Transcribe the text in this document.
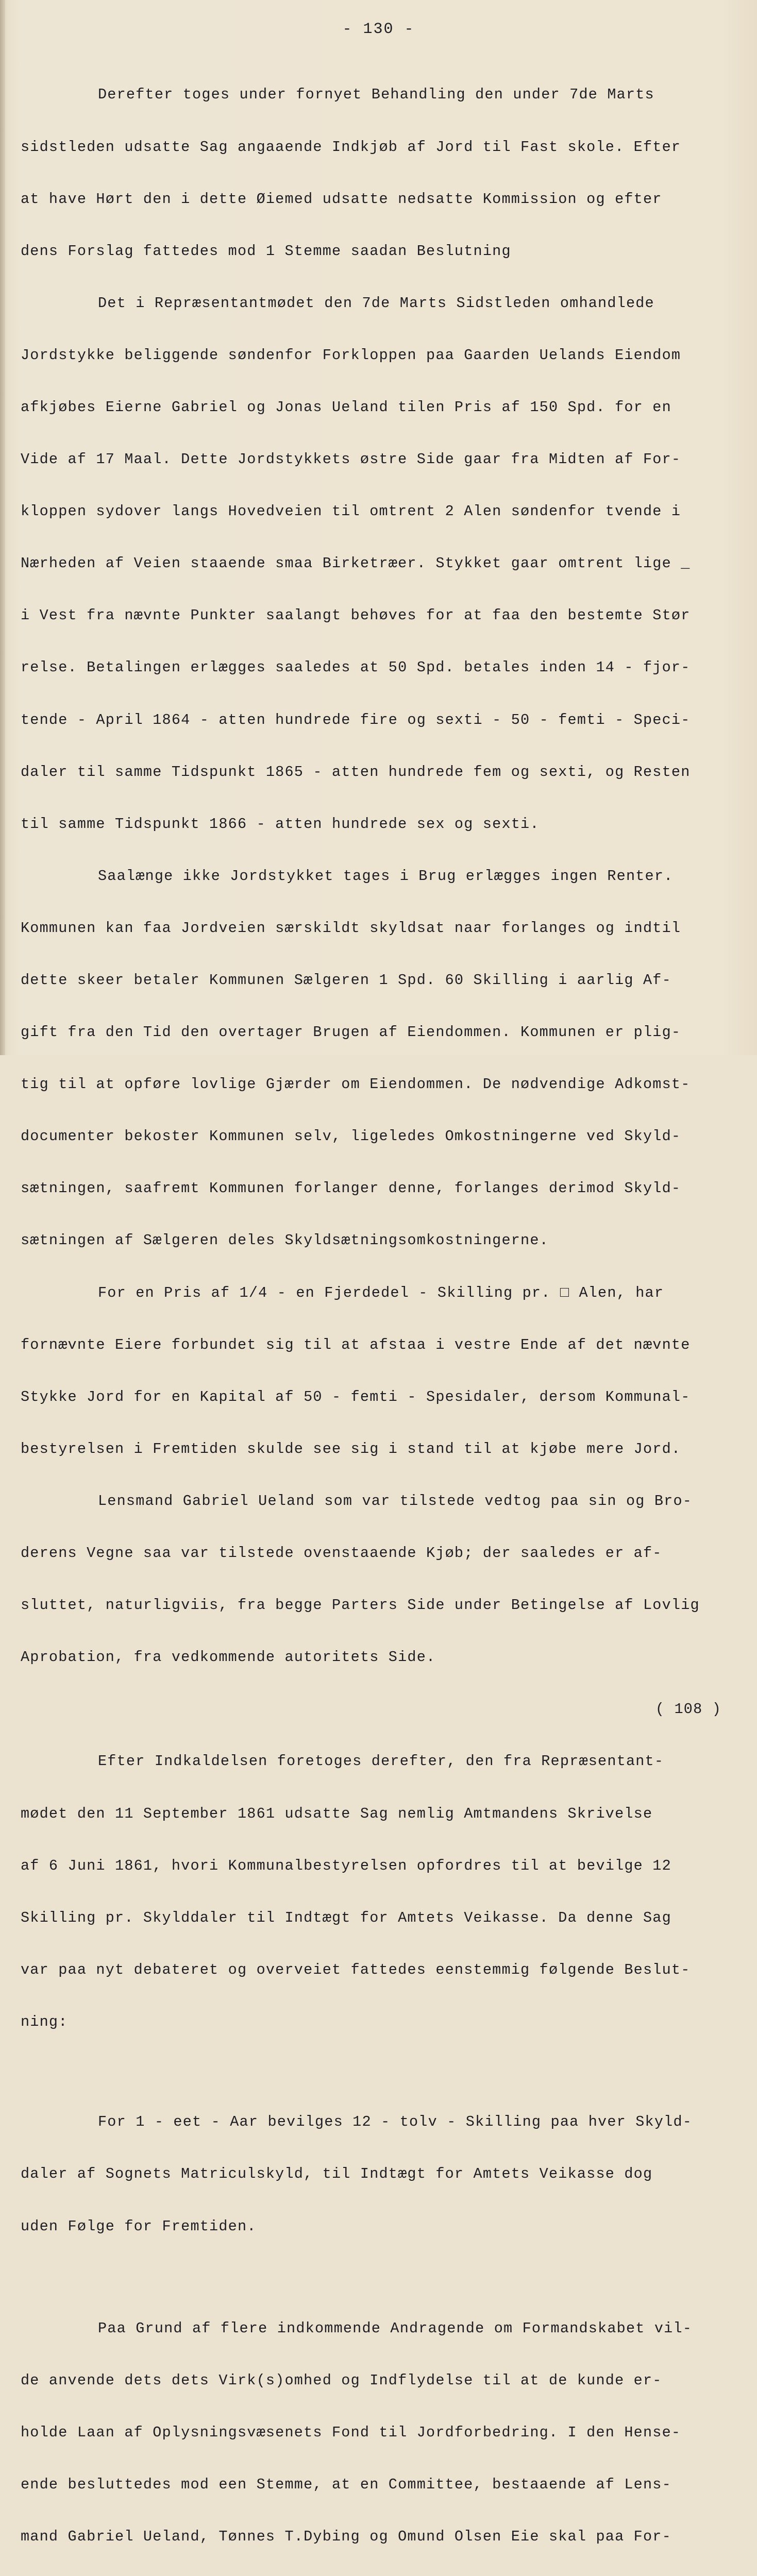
- 130 -

Derefter toges under fornyet Behandling den under 7de Marts

sidstleden udsatte Sag angaaende Indkjøb af Jord til Fast skole. Efter

at have Hørt den i dette Øiemed udsatte nedsatte Kommission og efter

dens Forslag fattedes mod 1 Stemme saadan Beslutning

Det i Repræsentantmødet den 7de Marts Sidstleden omhandlede

Jordstykke beliggende søndenfor Forkloppen paa Gaarden Uelands Eiendom

afkjøbes Eierne Gabriel og Jonas Ueland tilen Pris af 150 Spd. for en

Vide af 17 Maal. Dette Jordstykkets østre Side gaar fra Midten af For-

kloppen sydover langs Hovedveien til omtrent 2 Alen søndenfor tvende i

Nærheden af Veien staaende smaa Birketræer. Stykket gaar omtrent lige _

i Vest fra nævnte Punkter saalangt behøves for at faa den bestemte Stør

relse. Betalingen erlægges saaledes at 50 Spd. betales inden 14 - fjor-

tende - April 1864 - atten hundrede fire og sexti - 50 - femti - Speci-

daler til samme Tidspunkt 1865 - atten hundrede fem og sexti, og Resten

til samme Tidspunkt 1866 - atten hundrede sex og sexti.

Saalænge ikke Jordstykket tages i Brug erlægges ingen Renter.

Kommunen kan faa Jordveien særskildt skyldsat naar forlanges og indtil

dette skeer betaler Kommunen Sælgeren 1 Spd. 60 Skilling i aarlig Af-

gift fra den Tid den overtager Brugen af Eiendommen. Kommunen er plig-

tig til at opføre lovlige Gjærder om Eiendommen. De nødvendige Adkomst-

documenter bekoster Kommunen selv, ligeledes Omkostningerne ved Skyld-

sætningen, saafremt Kommunen forlanger denne, forlanges derimod Skyld-

sætningen af Sælgeren deles Skyldsætningsomkostningerne.

For en Pris af 1/4 - en Fjerdedel - Skilling pr. □ Alen, har

fornævnte Eiere forbundet sig til at afstaa i vestre Ende af det nævnte

Stykke Jord for en Kapital af 50 - femti - Spesidaler, dersom Kommunal-

bestyrelsen i Fremtiden skulde see sig i stand til at kjøbe mere Jord.

Lensmand Gabriel Ueland som var tilstede vedtog paa sin og Bro-

derens Vegne saa var tilstede ovenstaaende Kjøb; der saaledes er af-

sluttet, naturligviis, fra begge Parters Side under Betingelse af Lovlig

Aprobation, fra vedkommende autoritets Side.

( 108 )

Efter Indkaldelsen foretoges derefter, den fra Repræsentant-

mødet den 11 September 1861 udsatte Sag nemlig Amtmandens Skrivelse

af 6 Juni 1861, hvori Kommunalbestyrelsen opfordres til at bevilge 12

Skilling pr. Skylddaler til Indtægt for Amtets Veikasse. Da denne Sag

var paa nyt debateret og overveiet fattedes eenstemmig følgende Beslut-

ning:

For 1 - eet - Aar bevilges 12 - tolv - Skilling paa hver Skyld-

daler af Sognets Matriculskyld, til Indtægt for Amtets Veikasse dog

uden Følge for Fremtiden.

Paa Grund af flere indkommende Andragende om Formandskabet vil-

de anvende dets dets Virk(s)omhed og Indflydelse til at de kunde er-

holde Laan af Oplysningsvæsenets Fond til Jordforbedring. I den Hense-

ende besluttedes mod een Stemme, at en Committee, bestaaende af Lens-

mand Gabriel Ueland, Tønnes T.Dybing og Omund Olsen Eie skal paa For-
